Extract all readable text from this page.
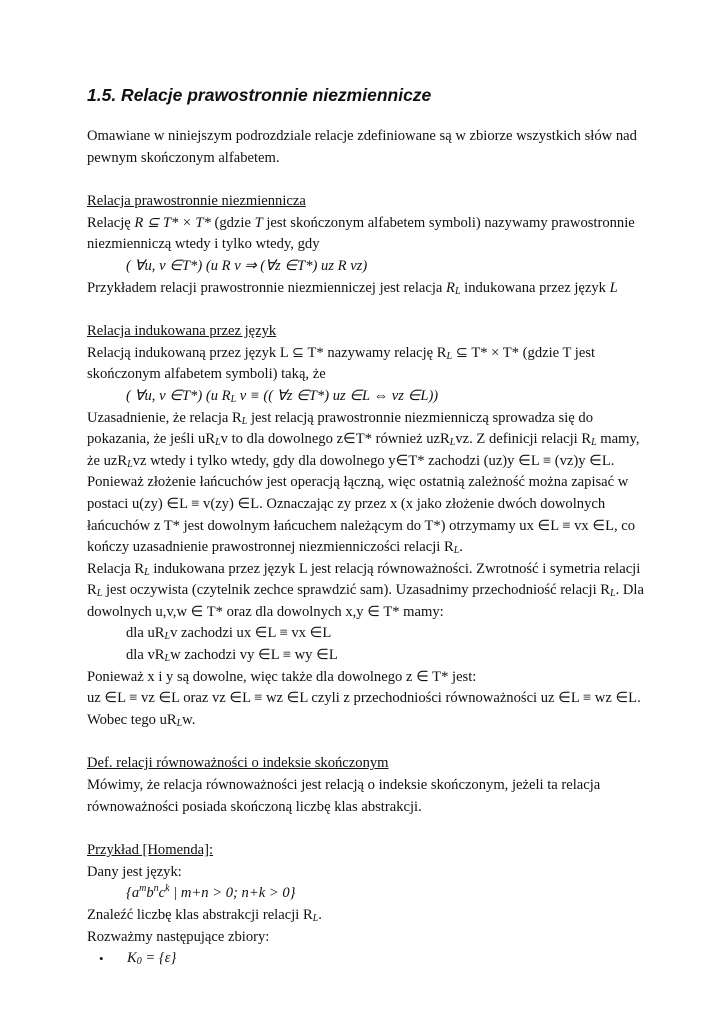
1.5. Relacje prawostronnie niezmiennicze

Omawiane w niniejszym podrozdziale relacje zdefiniowane są w zbiorze wszystkich słów nad pewnym skończonym alfabetem.

Relacja prawostronnie niezmiennicza

Relację R ⊆ T* × T* (gdzie T jest skończonym alfabetem symboli) nazywamy prawostronnie niezmienniczą wtedy i tylko wtedy, gdy

( ∀u, v ∈T*) (u R v ⇒ (∀z ∈T*) uz R vz)

Przykładem relacji prawostronnie niezmienniczej jest relacja $R_L$ indukowana przez język L

Relacja indukowana przez język

Relacją indukowaną przez język L ⊆ T* nazywamy relację $R_L$ ⊆ T* × T* (gdzie T jest skończonym alfabetem symboli) taką, że

( ∀u, v ∈T*) (u $R_L$ v ≡ (( ∀z ∈T*) uz ∈L ⇔ vz ∈L))

Uzasadnienie, że relacja $R_L$ jest relacją prawostronnie niezmienniczą sprowadza się do pokazania, że jeśli $uR_Lv$ to dla dowolnego z∈T* również uzR$_L$vz. Z definicji relacji $R_L$ mamy, że uzR$_L$vz wtedy i tylko wtedy, gdy dla dowolnego y∈T* zachodzi (uz)y ∈L ≡ (vz)y ∈L.

Ponieważ złożenie łańcuchów jest operacją łączną, więc ostatnią zależność można zapisać w postaci u(zy) ∈L ≡ v(zy) ∈L. Oznaczając zy przez x (x jako złożenie dwóch dowolnych łańcuchów z T* jest dowolnym łańcuchem należącym do T*) otrzymamy ux ∈L ≡ vx ∈L, co kończy uzasadnienie prawostronnej niezmienniczości relacji $R_L$.

Relacja $R_L$ indukowana przez język L jest relacją równoważności. Zwrotność i symetria relacji $R_L$ jest oczywista (czytelnik zechce sprawdzić sam). Uzasadnimy przechodniość relacji $R_L$. Dla dowolnych u,v,w ∈ T* oraz dla dowolnych x,y ∈ T* mamy:

dla $uR_Lv$ zachodzi ux ∈L ≡ vx ∈L

dla $vR_Lw$ zachodzi vy ∈L ≡ wy ∈L

Ponieważ x i y są dowolne, więc także dla dowolnego z ∈ T* jest:

uz ∈L ≡ vz ∈L oraz vz ∈L ≡ wz ∈L czyli z przechodniości równoważności uz ∈L ≡ wz ∈L.

Wobec tego $uR_Lw$.

Def. relacji równoważności o indeksie skończonym

Mówimy, że relacja równoważności jest relacją o indeksie skończonym, jeżeli ta relacja równoważności posiada skończoną liczbę klas abstrakcji.

Przykład [Homenda]:

Dany jest język:

{$a^mb^nc^k$ | m+n > 0; n+k > 0}

Znaleźć liczbę klas abstrakcji relacji $R_L$.

Rozważmy następujące zbiory:

•	$K_0 = \{\varepsilon\}$
